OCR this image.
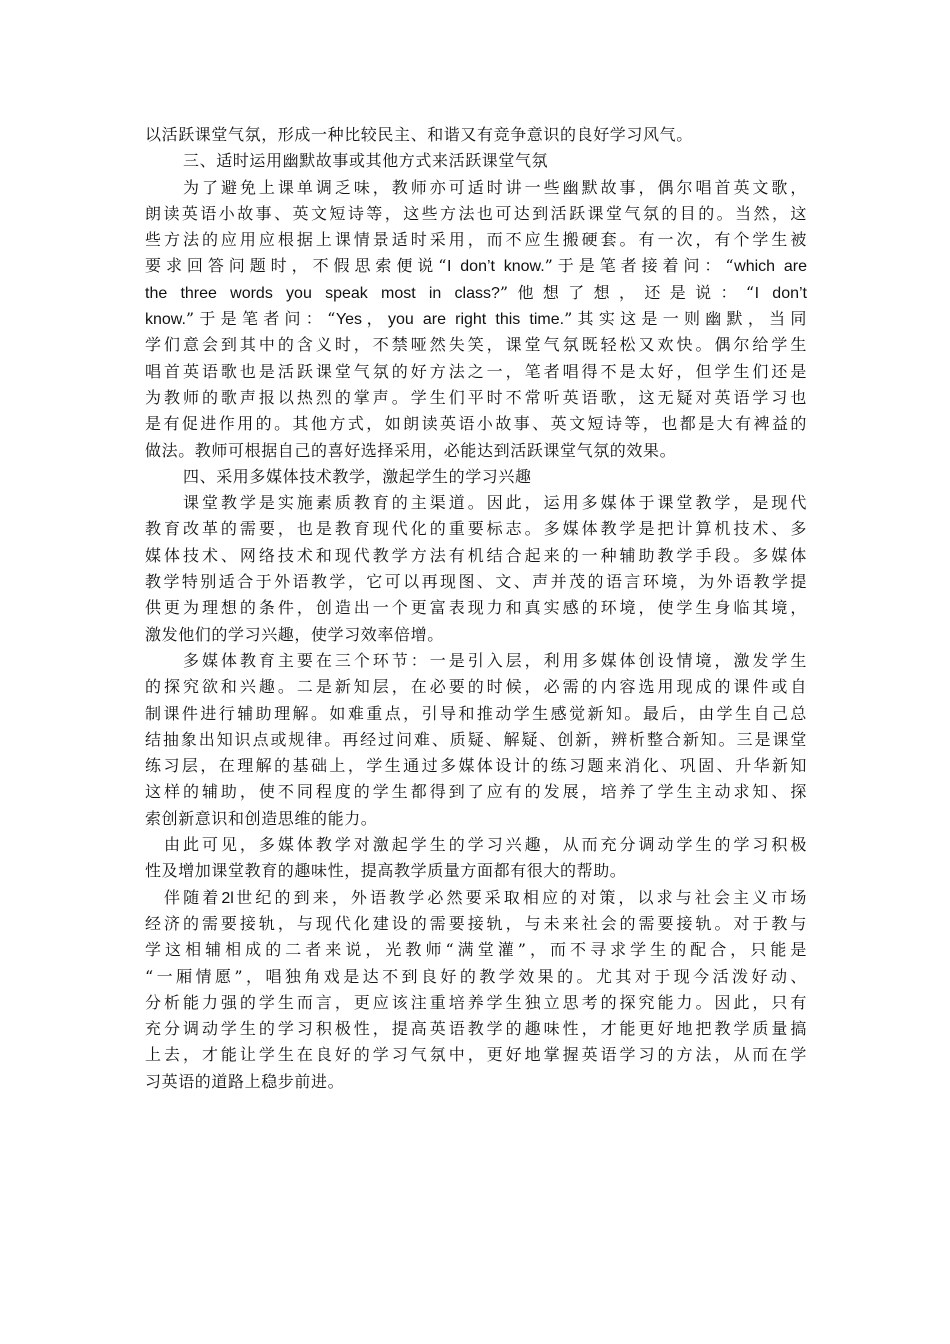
以活跃课堂气氛，形成一种比较民主、和谐又有竞争意识的良好学习风气。
三、适时运用幽默故事或其他方式来活跃课堂气氛
为了避免上课单调乏味，教师亦可适时讲一些幽默故事，偶尔唱首英文歌，
朗读英语小故事、英文短诗等，这些方法也可达到活跃课堂气氛的目的。当然，这
些方法的应用应根据上课情景适时采用，而不应生搬硬套。有一次，有个学生被
要求回答问题时，不假思索便说“I don’t know.”于是笔者接着问：“which are
the three words you speak most in class?”他想了想，还是说：“I don’t
know.”于是笔者问：“Yes，you are right this time.”其实这是一则幽默，当同
学们意会到其中的含义时，不禁哑然失笑，课堂气氛既轻松又欢快。偶尔给学生
唱首英语歌也是活跃课堂气氛的好方法之一，笔者唱得不是太好，但学生们还是
为教师的歌声报以热烈的掌声。学生们平时不常听英语歌，这无疑对英语学习也
是有促进作用的。其他方式，如朗读英语小故事、英文短诗等，也都是大有裨益的
做法。教师可根据自己的喜好选择采用，必能达到活跃课堂气氛的效果。
四、采用多媒体技术教学，激起学生的学习兴趣
课堂教学是实施素质教育的主渠道。因此，运用多媒体于课堂教学，是现代
教育改革的需要，也是教育现代化的重要标志。多媒体教学是把计算机技术、多
媒体技术、网络技术和现代教学方法有机结合起来的一种辅助教学手段。多媒体
教学特别适合于外语教学，它可以再现图、文、声并茂的语言环境，为外语教学提
供更为理想的条件，创造出一个更富表现力和真实感的环境，使学生身临其境，
激发他们的学习兴趣，使学习效率倍增。
多媒体教育主要在三个环节：一是引入层，利用多媒体创设情境，激发学生
的探究欲和兴趣。二是新知层，在必要的时候，必需的内容选用现成的课件或自
制课件进行辅助理解。如难重点，引导和推动学生感觉新知。最后，由学生自己总
结抽象出知识点或规律。再经过问难、质疑、解疑、创新，辨析整合新知。三是课堂
练习层，在理解的基础上，学生通过多媒体设计的练习题来消化、巩固、升华新知
这样的辅助，使不同程度的学生都得到了应有的发展，培养了学生主动求知、探
索创新意识和创造思维的能力。
由此可见，多媒体教学对激起学生的学习兴趣，从而充分调动学生的学习积极
性及增加课堂教育的趣味性，提高教学质量方面都有很大的帮助。
伴随着2l世纪的到来，外语教学必然要采取相应的对策，以求与社会主义市场
经济的需要接轨，与现代化建设的需要接轨，与未来社会的需要接轨。对于教与
学这相辅相成的二者来说，光教师“满堂灌”，而不寻求学生的配合，只能是
“一厢情愿”，唱独角戏是达不到良好的教学效果的。尤其对于现今活泼好动、
分析能力强的学生而言，更应该注重培养学生独立思考的探究能力。因此，只有
充分调动学生的学习积极性，提高英语教学的趣味性，才能更好地把教学质量搞
上去，才能让学生在良好的学习气氛中，更好地掌握英语学习的方法，从而在学
习英语的道路上稳步前进。
